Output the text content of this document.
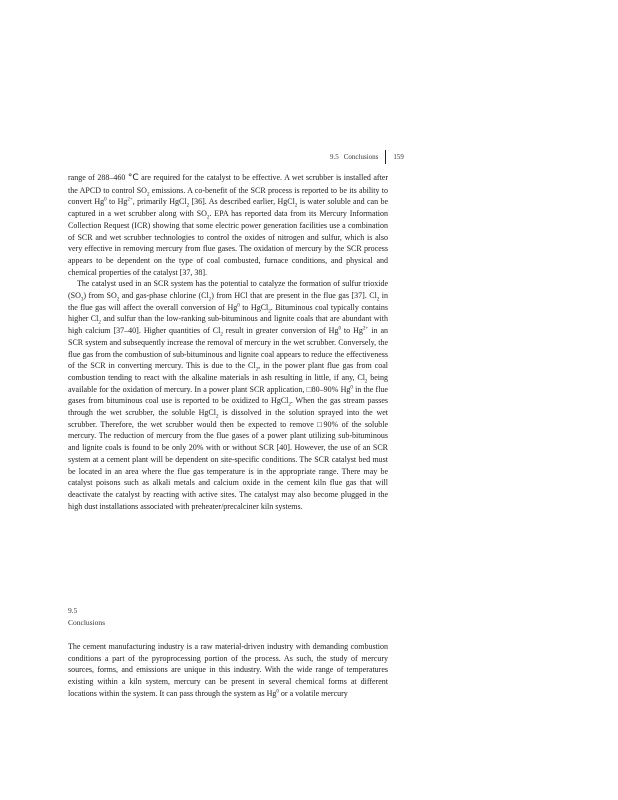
9.5 Conclusions 159

range of 288–460 °C are required for the catalyst to be effective. A wet scrubber is installed after the APCD to control $SO_2$ emissions. A co-benefit of the SCR process is reported to be its ability to convert Hg$^0$ to $Hg^{2+}$, primarily HgCl$_2$ [36]. As described earlier, HgCl$_2$ is water soluble and can be captured in a wet scrubber along with $SO_2$. EPA has reported data from its Mercury Information Collection Request (ICR) showing that some electric power generation facilities use a combination of SCR and wet scrubber technologies to control the oxides of nitrogen and sulfur, which is also very effective in removing mercury from flue gases. The oxidation of mercury by the SCR process appears to be dependent on the type of coal combusted, furnace conditions, and physical and chemical properties of the catalyst [37, 38].

The catalyst used in an SCR system has the potential to catalyze the formation of sulfur trioxide $(SO_3)$ from $SO_2$ and gas-phase chlorine $(Cl_2)$ from HCl that are present in the flue gas [37]. $Cl_2$ in the flue gas will affect the overall conversion of Hg$^0$ to HgCl$_2$. Bituminous coal typically contains higher $Cl_2$ and sulfur than the low-ranking sub-bituminous and lignite coals that are abundant with high calcium [37–40]. Higher quantities of $Cl_2$ result in greater conversion of Hg$^0$ to $Hg^{2+}$ in an SCR system and subsequently increase the removal of mercury in the wet scrubber. Conversely, the flue gas from the combustion of sub-bituminous and lignite coal appears to reduce the effectiveness of the SCR in converting mercury. This is due to the $Cl_2$, in the power plant flue gas from coal combustion tending to react with the alkaline materials in ash resulting in little, if any, $Cl_2$ being available for the oxidation of mercury. In a power plant SCR application, □80–90% Hg$^0$ in the flue gases from bituminous coal use is reported to be oxidized to HgCl$_2$. When the gas stream passes through the wet scrubber, the soluble HgCl$_2$ is dissolved in the solution sprayed into the wet scrubber. Therefore, the wet scrubber would then be expected to remove □90% of the soluble mercury. The reduction of mercury from the flue gases of a power plant utilizing sub-bituminous and lignite coals is found to be only 20% with or without SCR [40]. However, the use of an SCR system at a cement plant will be dependent on site-specific conditions. The SCR catalyst bed must be located in an area where the flue gas temperature is in the appropriate range. There may be catalyst poisons such as alkali metals and calcium oxide in the cement kiln flue gas that will deactivate the catalyst by reacting with active sites. The catalyst may also become plugged in the high dust installations associated with preheater/precalciner kiln systems.

9.5
Conclusions

The cement manufacturing industry is a raw material-driven industry with demanding combustion conditions a part of the pyroprocessing portion of the process. As such, the study of mercury sources, forms, and emissions are unique in this industry. With the wide range of temperatures existing within a kiln system, mercury can be present in several chemical forms at different locations within the system. It can pass through the system as Hg$^0$ or a volatile mercury
